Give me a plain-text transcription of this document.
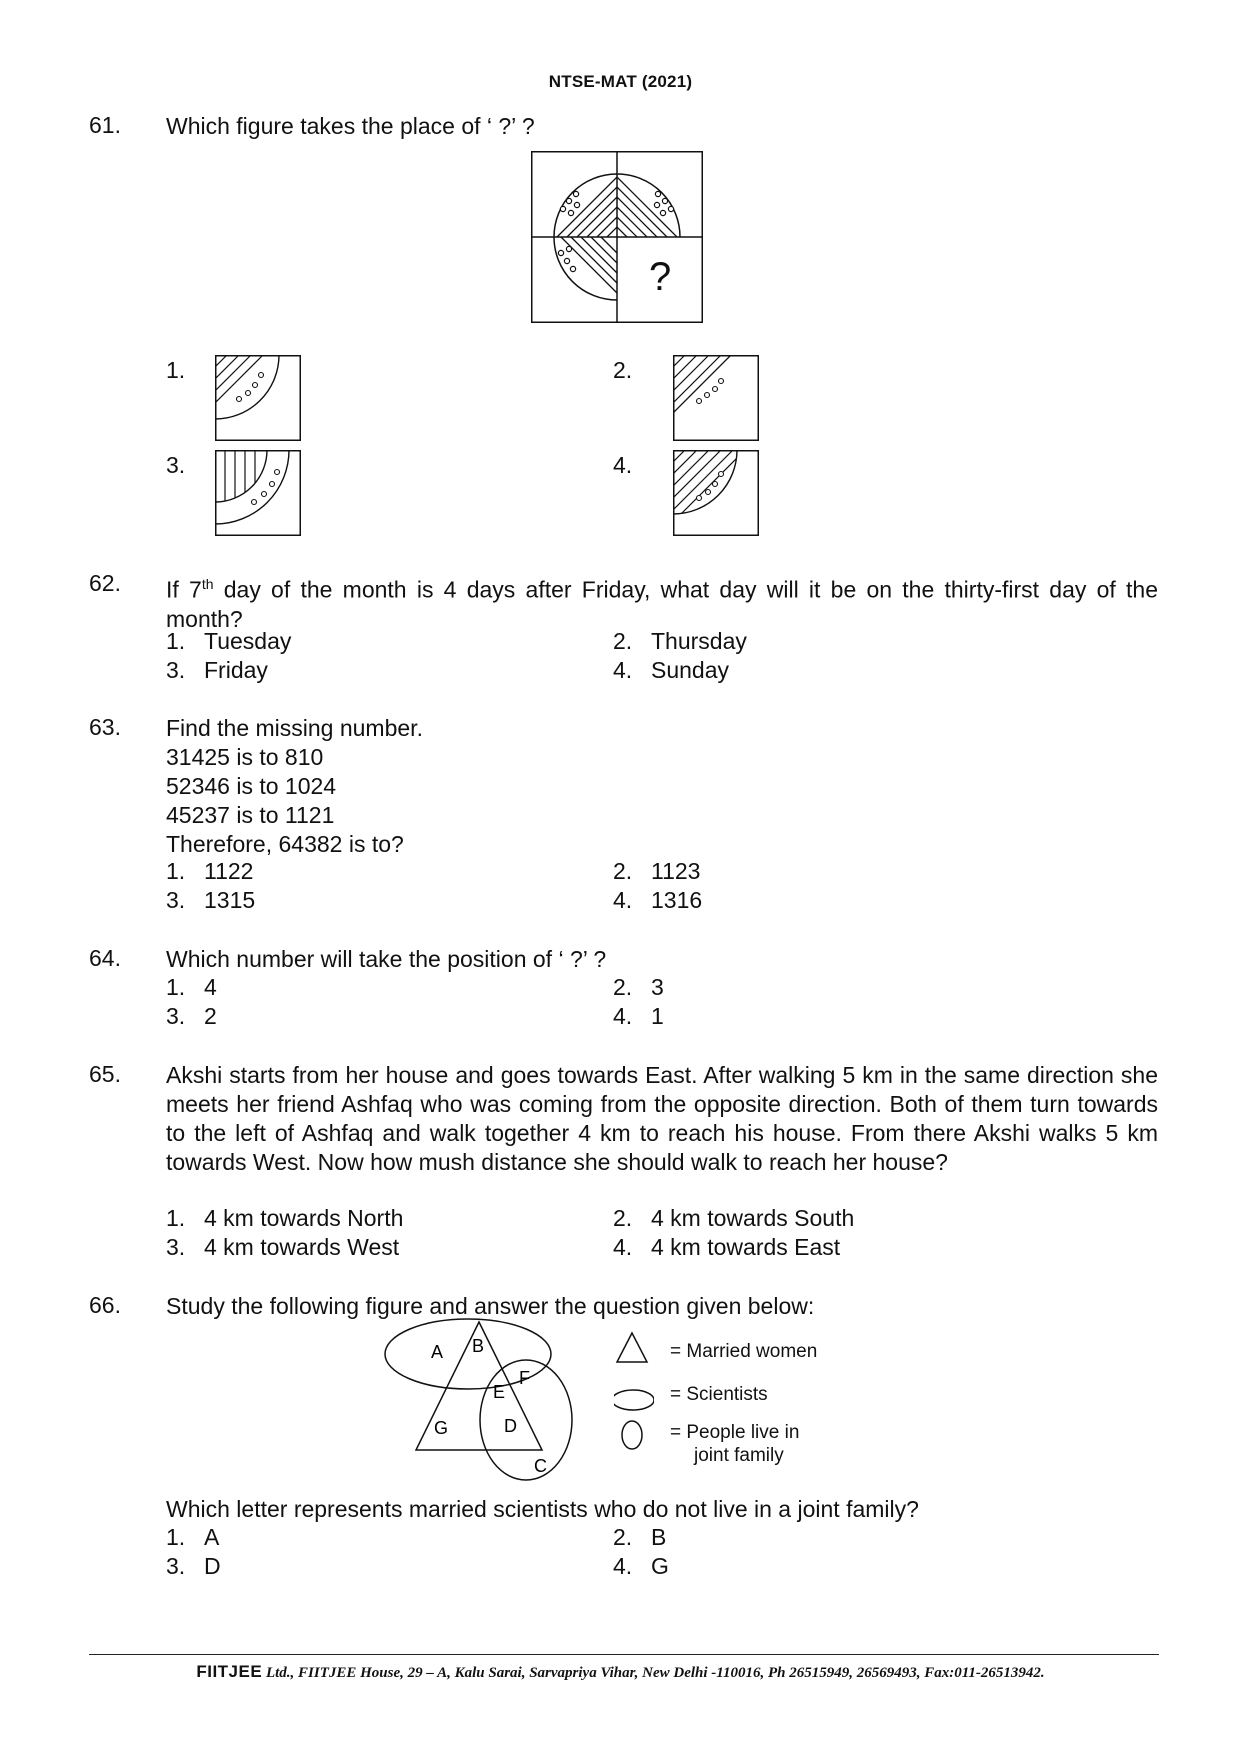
NTSE-MAT (2021)
61. Which figure takes the place of ‘ ?’ ?
?
1.	2.
3.	4.
62. If 7th day of the month is 4 days after Friday, what day will it be on the thirty-first day of the month?
1. Tuesday	2. Thursday
3. Friday	4. Sunday
63. Find the missing number.
31425 is to 810
52346 is to 1024
45237 is to 1121
Therefore, 64382 is to?
1. 1122	2. 1123
3. 1315	4. 1316
64. Which number will take the position of ‘ ?’ ?
1. 4	2. 3
3. 2	4. 1
65. Akshi starts from her house and goes towards East. After walking 5 km in the same direction she meets her friend Ashfaq who was coming from the opposite direction. Both of them turn towards to the left of Ashfaq and walk together 4 km to reach his house. From there Akshi walks 5 km towards West. Now how mush distance she should walk to reach her house?
1. 4 km towards North	2. 4 km towards South
3. 4 km towards West	4. 4 km towards East
66. Study the following figure and answer the question given below:
A B
F
E
G	D
C
= Married women
= Scientists
= People live in
joint family
Which letter represents married scientists who do not live in a joint family?
1. A	2. B
3. D	4. G
FIITJEE Ltd., FIITJEE House, 29 – A, Kalu Sarai, Sarvapriya Vihar, New Delhi -110016, Ph 26515949, 26569493, Fax:011-26513942.
